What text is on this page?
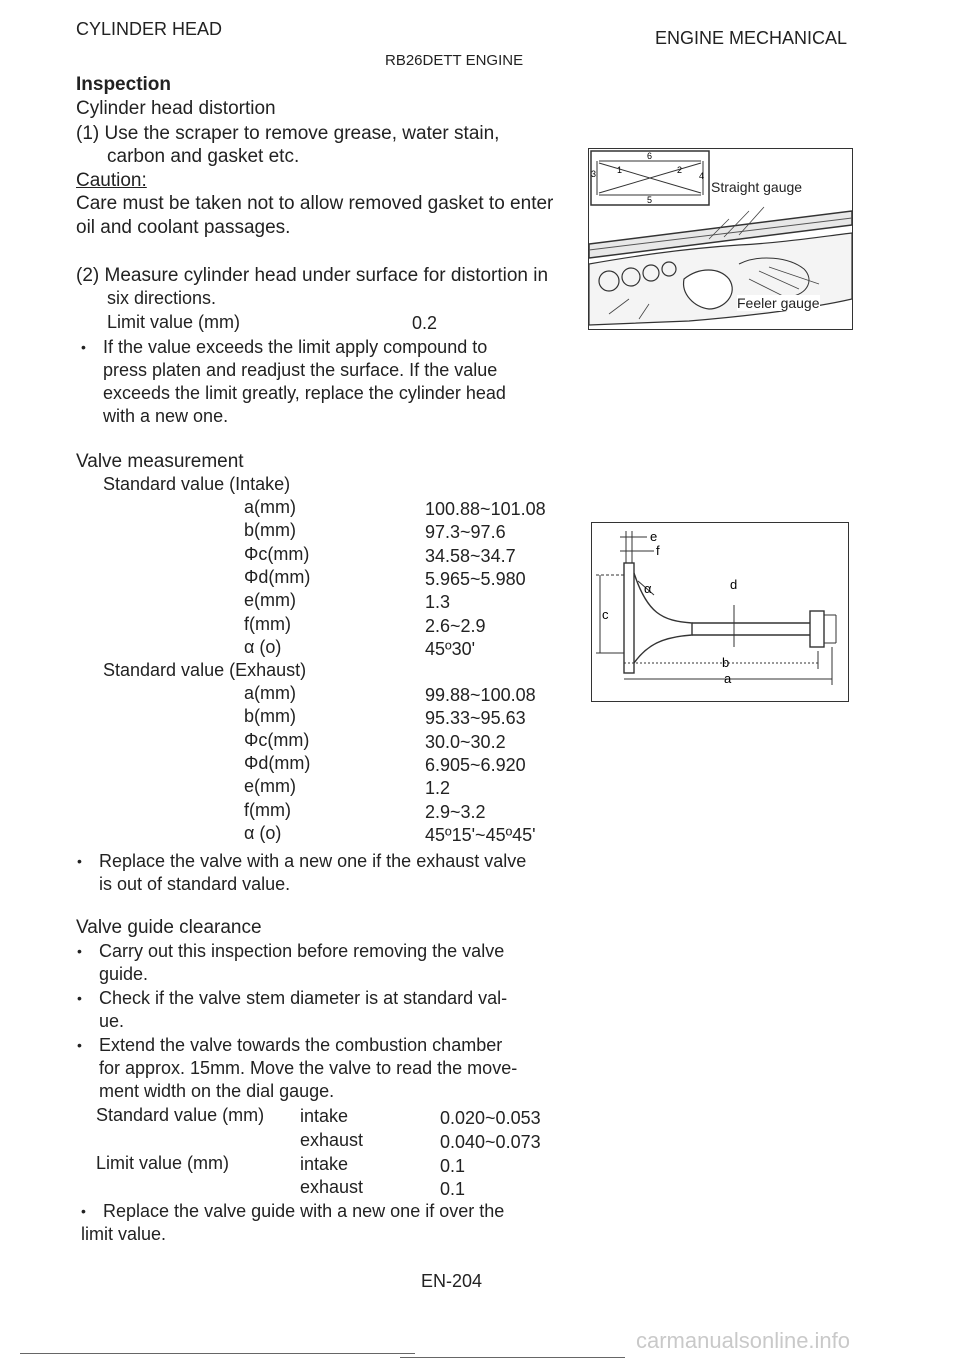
CYLINDER HEAD	ENGINE MECHANICAL
RB26DETT ENGINE
Inspection
Cylinder head distortion
(1) Use the scraper to remove grease, water stain,
carbon and gasket etc.
Caution:
Care must be taken not to allow removed gasket to enter
oil and coolant passages.
(2) Measure cylinder head under surface for distortion in
six directions.
Limit value (mm)	0.2
• If the value exceeds the limit apply compound to
press platen and readjust the surface. If the value
exceeds the limit greatly, replace the cylinder head
with a new one.
6
1	2
3	4
5
Straight gauge
Feeler gauge
Valve measurement
Standard value (Intake)
a(mm)	100.88~101.08
b(mm)	97.3~97.6
Φc(mm)	34.58~34.7
Φd(mm)	5.965~5.980
e(mm)	1.3
f(mm)	2.6~2.9
α (o)	45º30'
Standard value (Exhaust)
a(mm)	99.88~100.08
b(mm)	95.33~95.63
Φc(mm)	30.0~30.2
Φd(mm)	6.905~6.920
e(mm)	1.2
f(mm)	2.9~3.2
α (o)	45º15'~45º45'
• Replace the valve with a new one if the exhaust valve
is out of standard value.
e
f
α	d
c
b
a
Valve guide clearance
• Carry out this inspection before removing the valve
guide.
• Check if the valve stem diameter is at standard val-
ue.
• Extend the valve towards the combustion chamber
for approx. 15mm. Move the valve to read the move-
ment width on the dial gauge.
Standard value (mm) intake	0.020~0.053
exhaust	0.040~0.073
Limit value (mm)	intake	0.1
exhaust	0.1
• Replace the valve guide with a new one if over the
limit value.
EN-204
carmanualsonline.info
